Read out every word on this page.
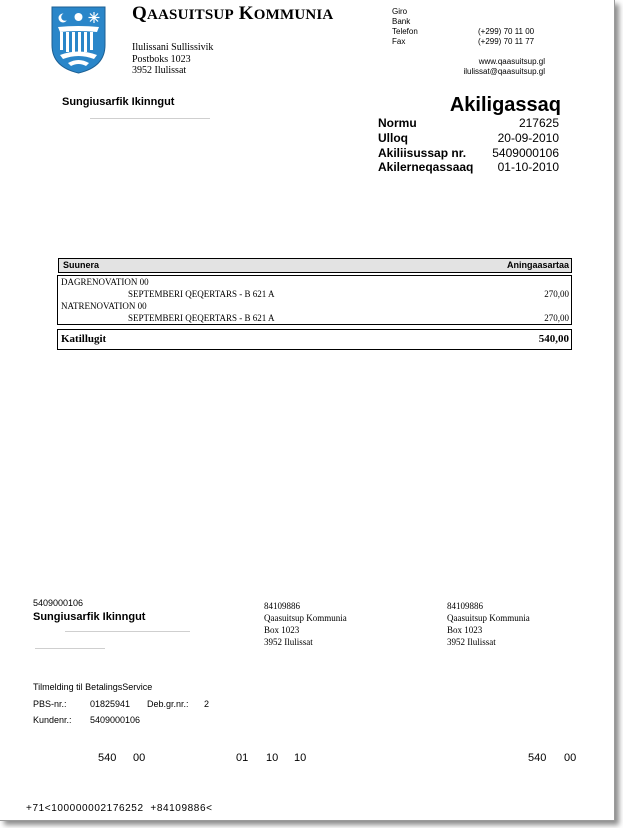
QAASUITSUP KOMMUNIA
Ilulissani Sullissivik
Postboks 1023
3952 Ilulissat
Giro
Bank
Telefon	(+299) 70 11 00
Fax	(+299) 70 11 77
www.qaasuitsup.gl
ilulissat@qaasuitsup.gl
Sungiusarfik Ikinngut	Akiligassaq
Normu	217625
Ulloq	20-09-2010
Akiliisussap nr. 5409000106
Akilerneqassaaq 01-10-2010
Suunera	Aningaasartaa
DAGRENOVATION 00
SEPTEMBERI QEQERTARS - B 621 A	270,00
NATRENOVATION 00
SEPTEMBERI QEQERTARS - B 621 A	270,00
Katillugit	540,00
5409000106
Sungiusarfik Ikinngut
84109886
Qaasuitsup Kommunia
Box 1023
3952 Ilulissat
84109886
Qaasuitsup Kommunia
Box 1023
3952 Ilulissat
Tilmelding til BetalingsService
PBS-nr.:	01825941 Deb.gr.nr.: 2
Kundenr.: 5409000106
540 00	01 10 10	540 00
+71<100000002176252  +84109886<
